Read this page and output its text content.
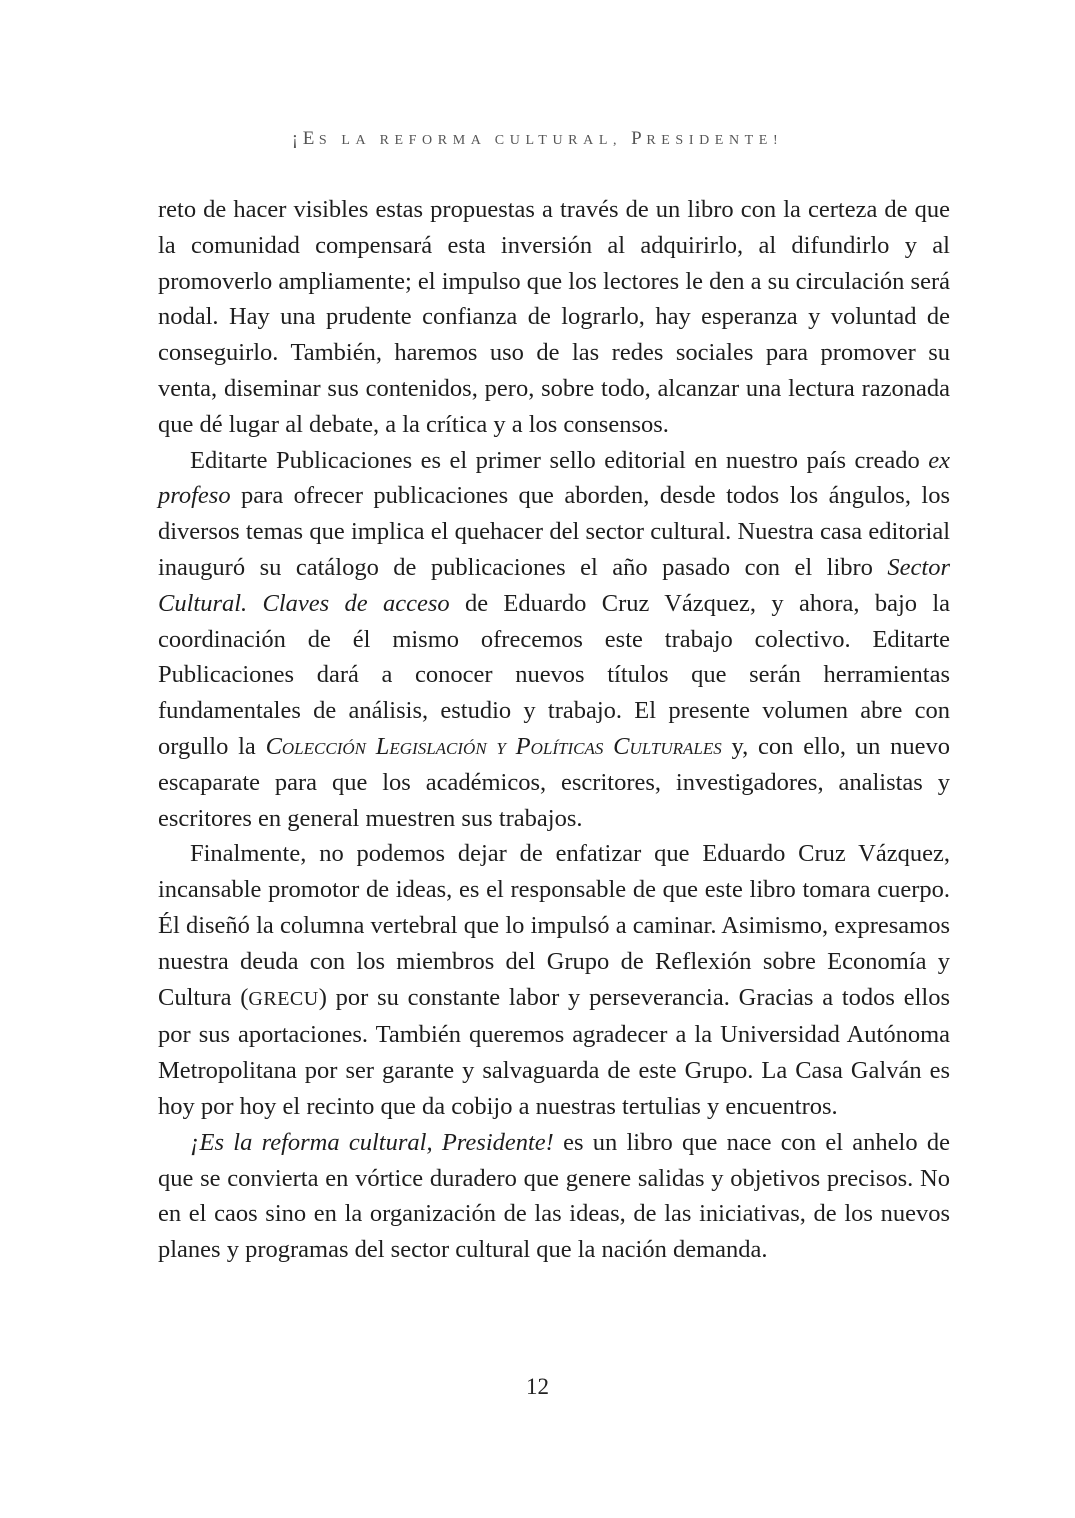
¡ES LA REFORMA CULTURAL, PRESIDENTE!

reto de hacer visibles estas propuestas a través de un libro con la certeza de que la comunidad compensará esta inversión al adquirirlo, al difundirlo y al promoverlo ampliamente; el impulso que los lectores le den a su circulación será nodal. Hay una prudente confianza de lograrlo, hay esperanza y voluntad de conseguirlo. También, haremos uso de las redes sociales para promover su venta, diseminar sus contenidos, pero, sobre todo, alcanzar una lectura razonada que dé lugar al debate, a la crítica y a los consensos.

Editarte Publicaciones es el primer sello editorial en nuestro país creado ex profeso para ofrecer publicaciones que aborden, desde todos los ángulos, los diversos temas que implica el quehacer del sector cultural. Nuestra casa editorial inauguró su catálogo de publicaciones el año pasado con el libro Sector Cultural. Claves de acceso de Eduardo Cruz Vázquez, y ahora, bajo la coordinación de él mismo ofrecemos este trabajo colectivo. Editarte Publicaciones dará a conocer nuevos títulos que serán herramientas fundamentales de análisis, estudio y trabajo. El presente volumen abre con orgullo la Colección Legislación y Políticas Culturales y, con ello, un nuevo escaparate para que los académicos, escritores, investigadores, analistas y escritores en general muestren sus trabajos.

Finalmente, no podemos dejar de enfatizar que Eduardo Cruz Vázquez, incansable promotor de ideas, es el responsable de que este libro tomara cuerpo. Él diseñó la columna vertebral que lo impulsó a caminar. Asimismo, expresamos nuestra deuda con los miembros del Grupo de Reflexión sobre Economía y Cultura (GRECU) por su constante labor y perseverancia. Gracias a todos ellos por sus aportaciones. También queremos agradecer a la Universidad Autónoma Metropolitana por ser garante y salvaguarda de este Grupo. La Casa Galván es hoy por hoy el recinto que da cobijo a nuestras tertulias y encuentros.

¡Es la reforma cultural, Presidente! es un libro que nace con el anhelo de que se convierta en vórtice duradero que genere salidas y objetivos precisos. No en el caos sino en la organización de las ideas, de las iniciativas, de los nuevos planes y programas del sector cultural que la nación demanda.

12
